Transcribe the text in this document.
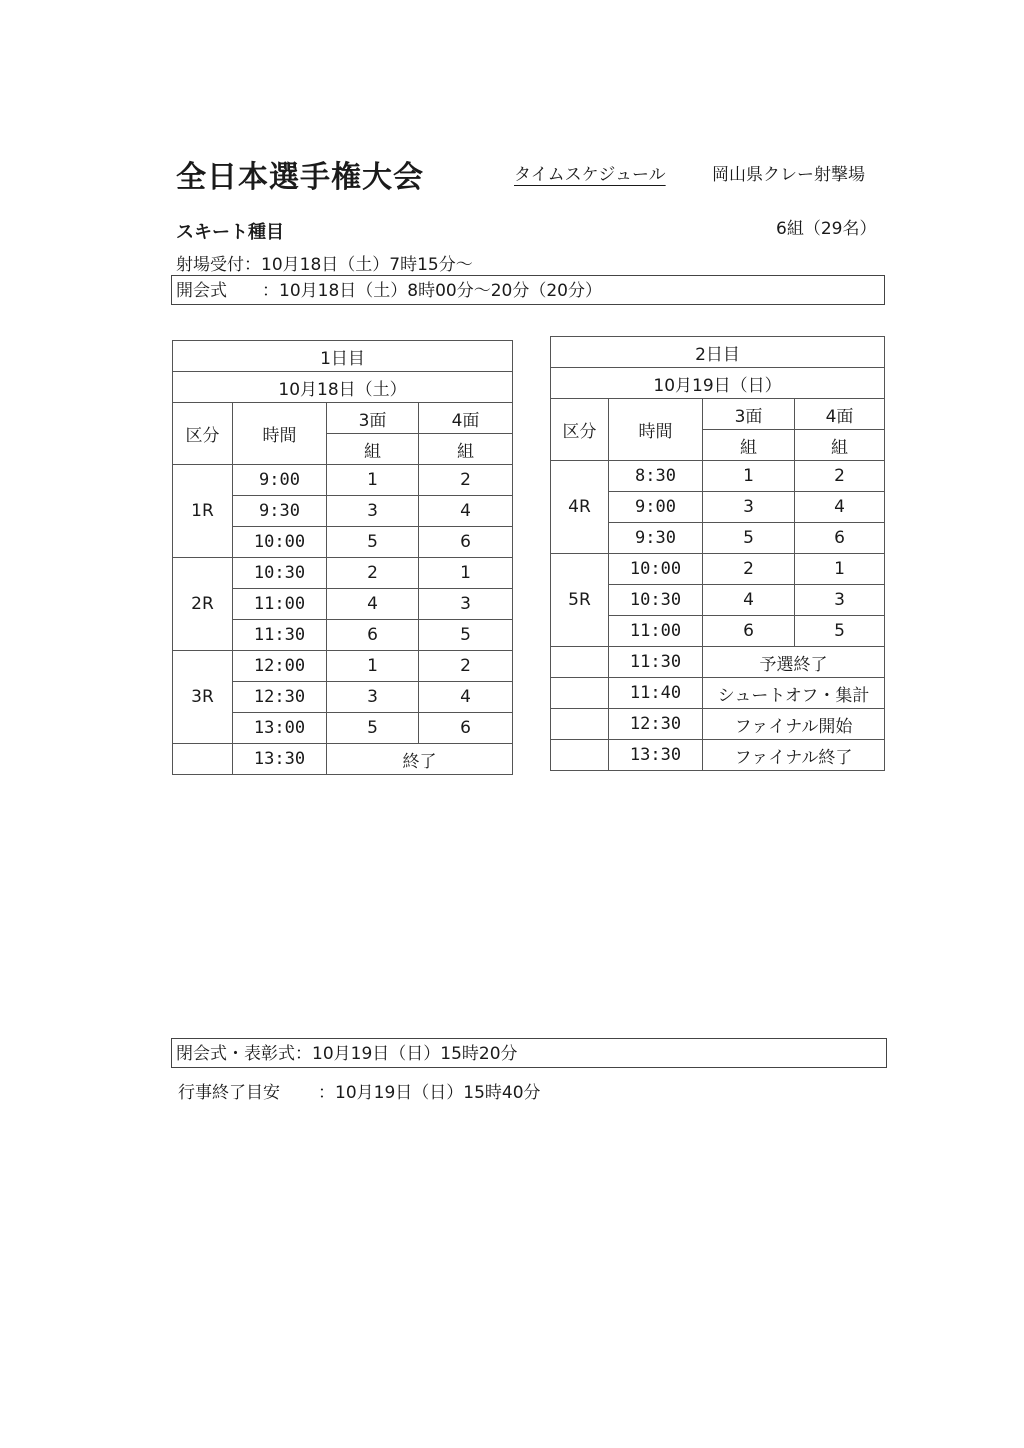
全日本選手権大会	タイムスケジュール	岡山県クレー射撃場
スキート種目	6組（29名）
射場受付：10月18日（土）7時15分～
開会式 ：10月18日（土）8時00分～20分（20分）
1日目			
10月18日（土）			
区分	時間	3面	4面
		組	組
1R	9:00	1	2
	9:30	3	4
	10:00	5	6
2R	10:30	2	1
	11:00	4	3
	11:30	6	5
3R	12:00	1	2
	12:30	3	4
	13:00	5	6
	13:30	終了	
2日目			
10月19日（日）			
区分	時間	3面	4面
		組	組
4R	8:30	1	2
	9:00	3	4
	9:30	5	6
5R	10:00	2	1
	10:30	4	3
	11:00	6	5
	11:30	予選終了	
	11:40	シュートオフ・集計	
	12:30	ファイナル開始	
	13:30	ファイナル終了	
閉会式・表彰式：10月19日（日）15時20分
行事終了目安 ：10月19日（日）15時40分
